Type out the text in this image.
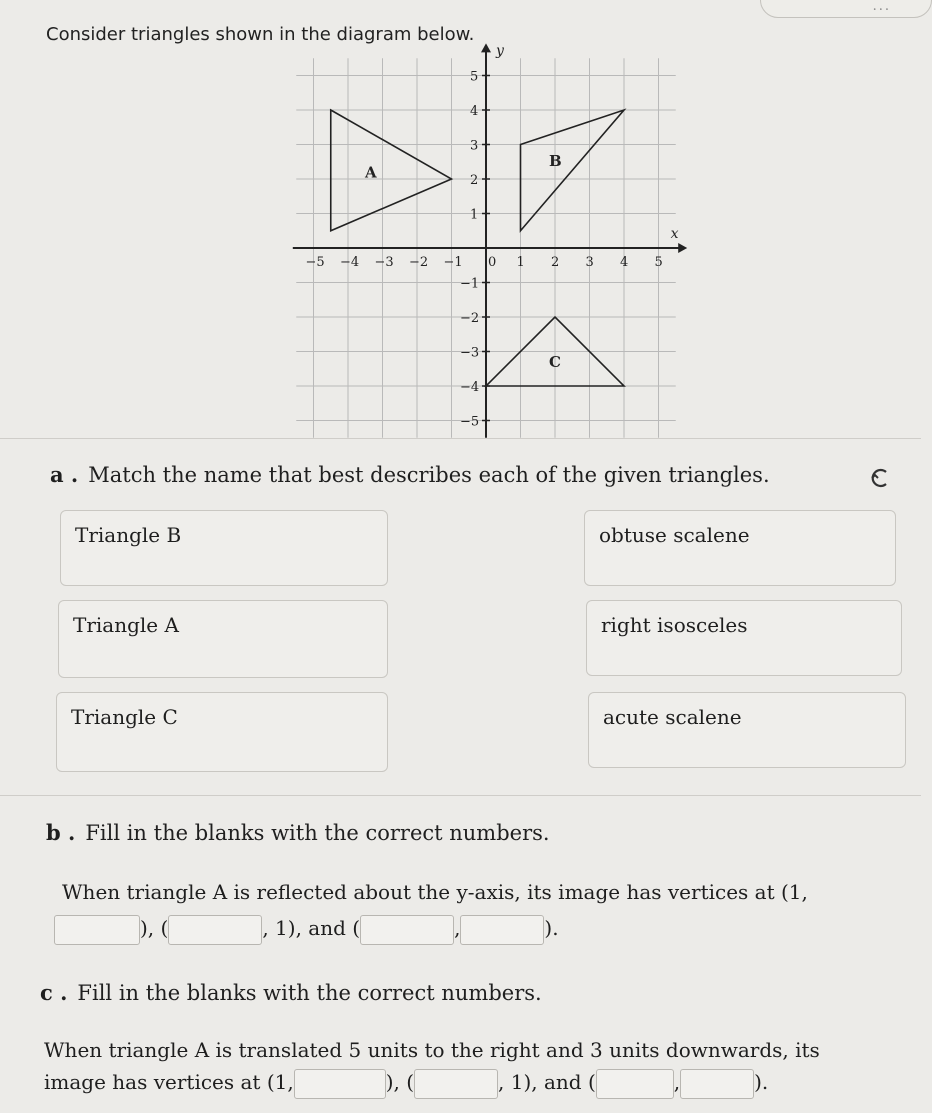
...
Consider triangles shown in the diagram below.
x
y
−5 −4 −3 −2 −1 0 1 2 3 4 5
5
4
3
2
1
−1
−2
−3
−4
−5
A
B
C
a . Match the name that best describes each of the given triangles.
Triangle B
Triangle A
Triangle C
obtuse scalene
right isosceles
acute scalene
b . Fill in the blanks with the correct numbers.
When triangle A is reflected about the y-axis, its image has vertices at (1,
), (	, 1), and (	,	).
c . Fill in the blanks with the correct numbers.
When triangle A is translated 5 units to the right and 3 units downwards, its
image has vertices at (1,	), (	, 1), and (	,	).
